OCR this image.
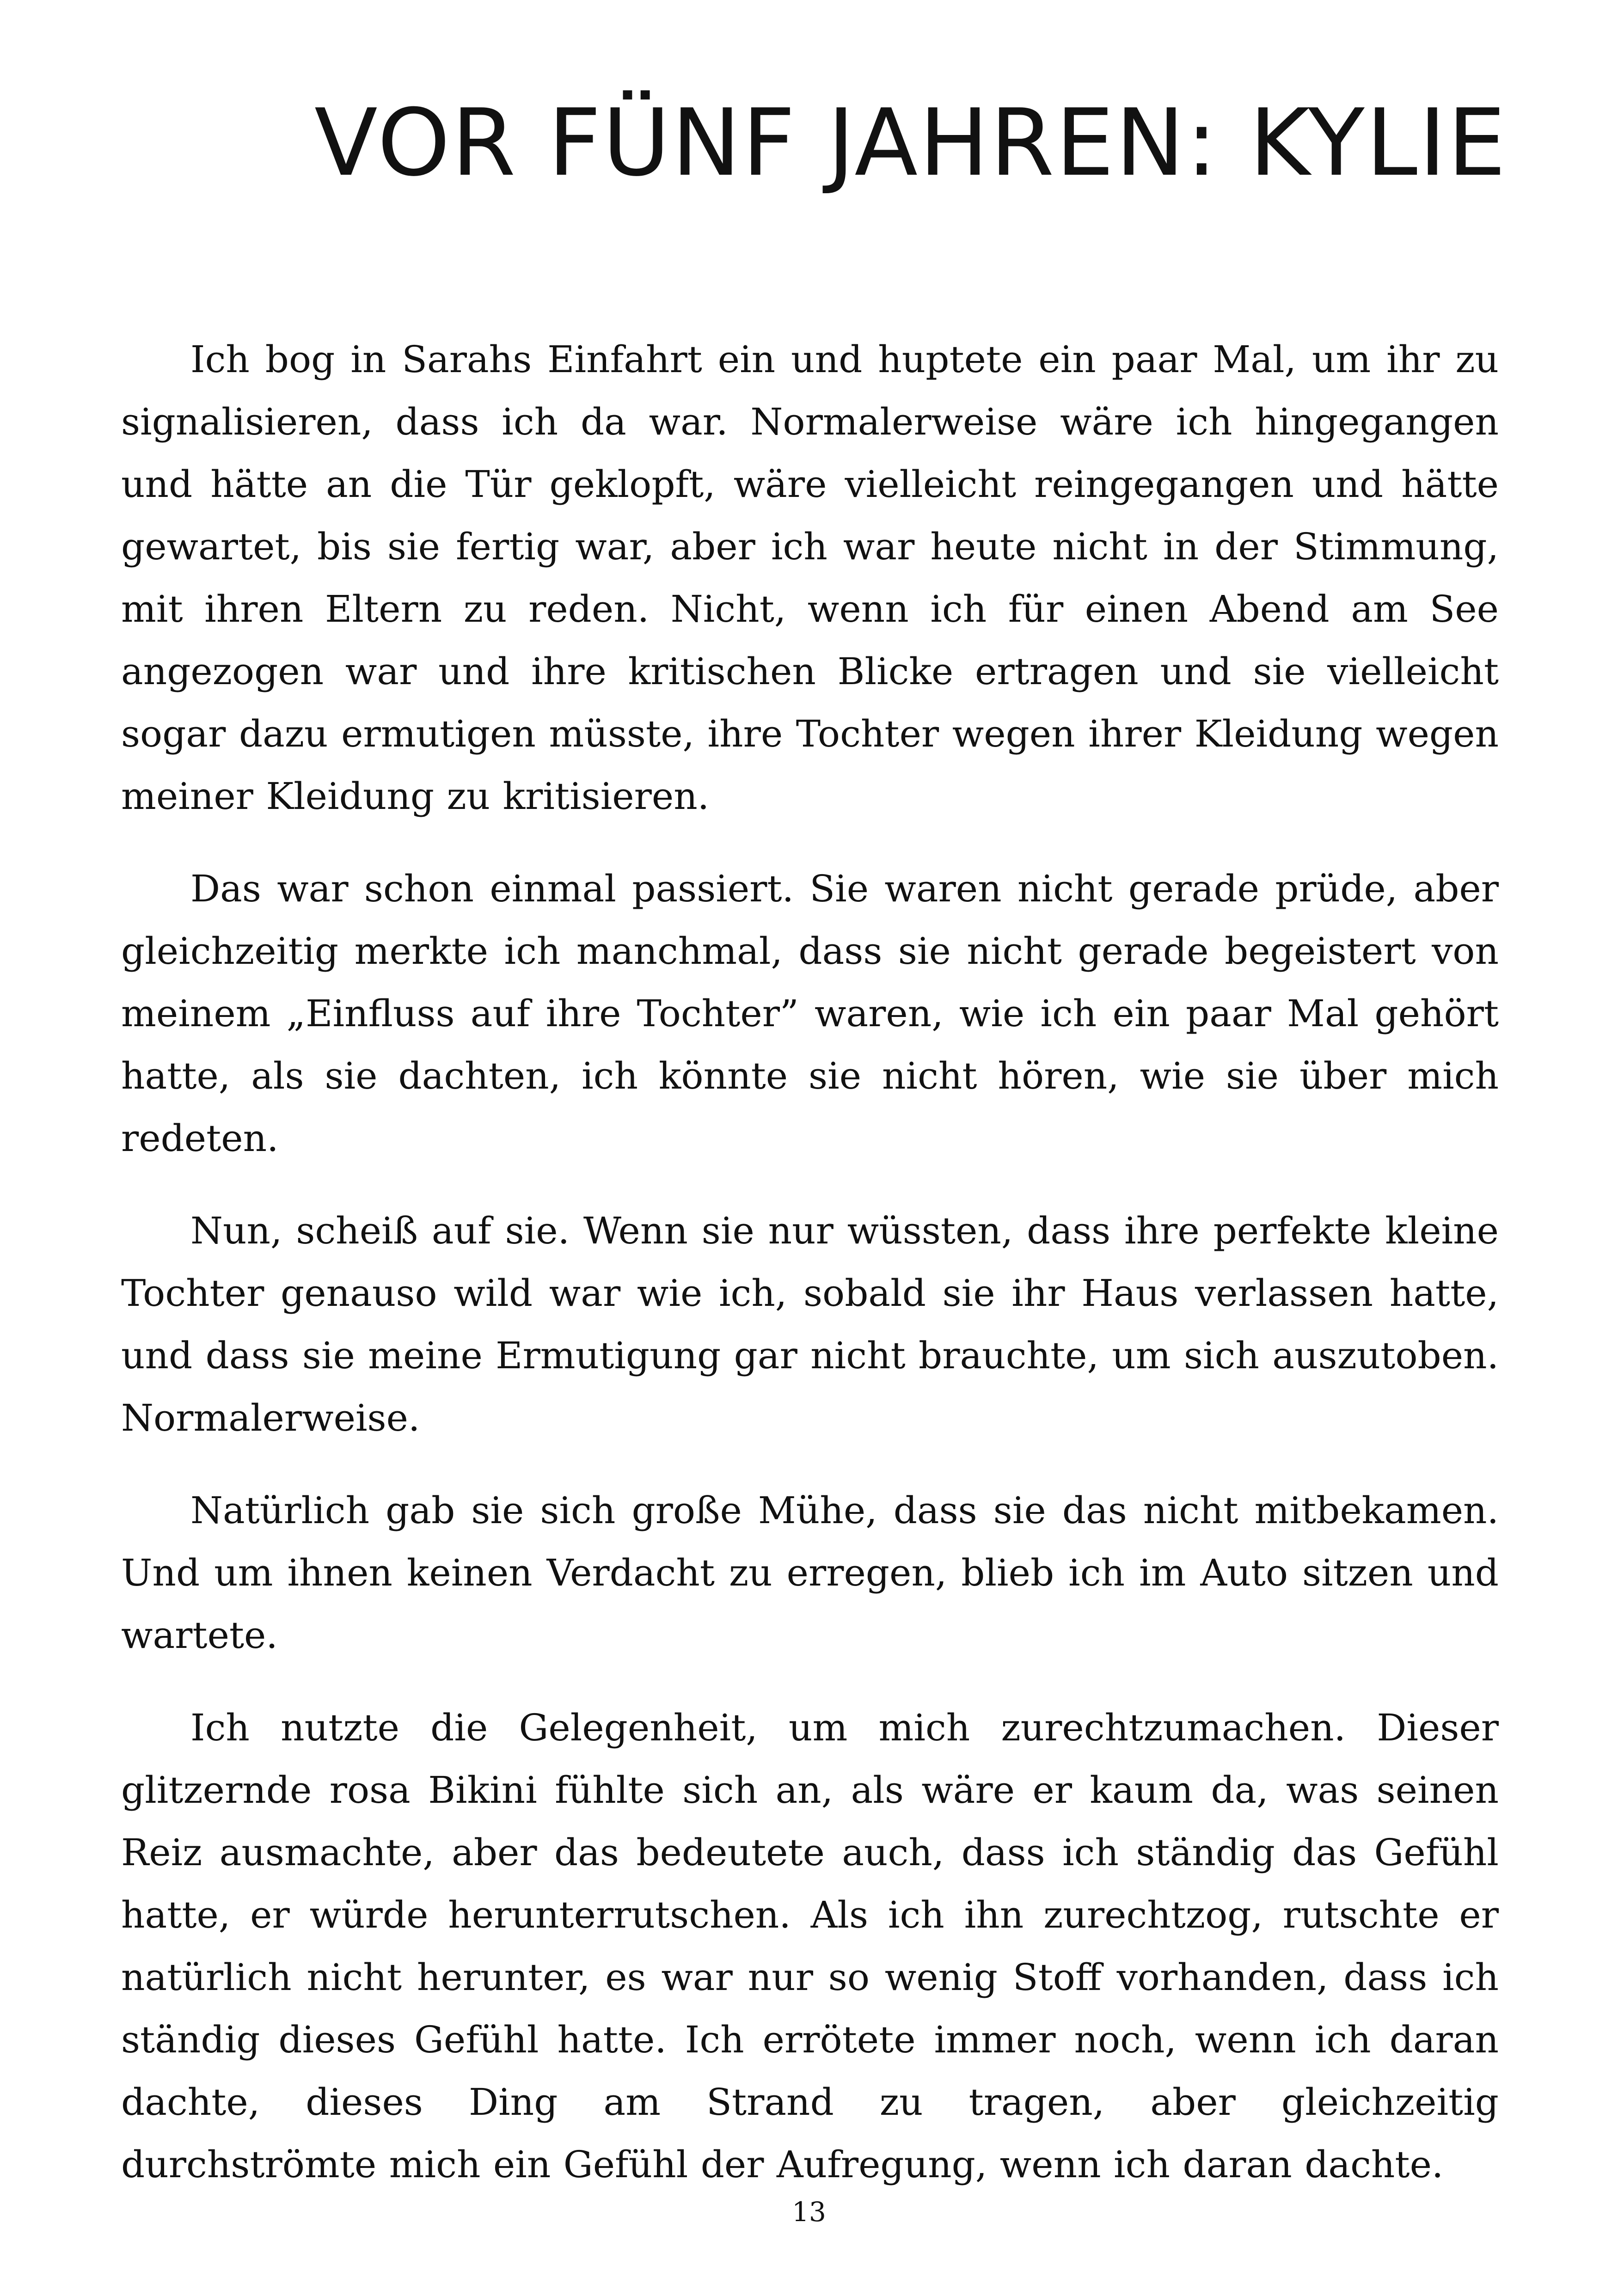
VOR FÜNF JAHREN: KYLIE

Ich bog in Sarahs Einfahrt ein und huptete ein paar Mal, um ihr zu signalisieren, dass ich da war. Normalerweise wäre ich hingegangen und hätte an die Tür geklopft, wäre vielleicht reingegangen und hätte gewartet, bis sie fertig war, aber ich war heute nicht in der Stimmung, mit ihren Eltern zu reden. Nicht, wenn ich für einen Abend am See angezogen war und ihre kritischen Blicke ertragen und sie vielleicht sogar dazu ermutigen müsste, ihre Tochter wegen ihrer Kleidung wegen meiner Kleidung zu kritisieren.

Das war schon einmal passiert. Sie waren nicht gerade prüde, aber gleichzeitig merkte ich manchmal, dass sie nicht gerade begeistert von meinem „Einfluss auf ihre Tochter” waren, wie ich ein paar Mal gehört hatte, als sie dachten, ich könnte sie nicht hören, wie sie über mich redeten.

Nun, scheiß auf sie. Wenn sie nur wüssten, dass ihre perfekte kleine Tochter genauso wild war wie ich, sobald sie ihr Haus verlassen hatte, und dass sie meine Ermutigung gar nicht brauchte, um sich auszutoben. Normalerweise.

Natürlich gab sie sich große Mühe, dass sie das nicht mitbekamen. Und um ihnen keinen Verdacht zu erregen, blieb ich im Auto sitzen und wartete.

Ich nutzte die Gelegenheit, um mich zurechtzumachen. Dieser glitzernde rosa Bikini fühlte sich an, als wäre er kaum da, was seinen Reiz ausmachte, aber das bedeutete auch, dass ich ständig das Gefühl hatte, er würde herunterrutschen. Als ich ihn zurechtzog, rutschte er natürlich nicht herunter, es war nur so wenig Stoff vorhanden, dass ich ständig dieses Gefühl hatte. Ich errötete immer noch, wenn ich daran dachte, dieses Ding am Strand zu tragen, aber gleichzeitig durchströmte mich ein Gefühl der Aufregung, wenn ich daran dachte.

13
